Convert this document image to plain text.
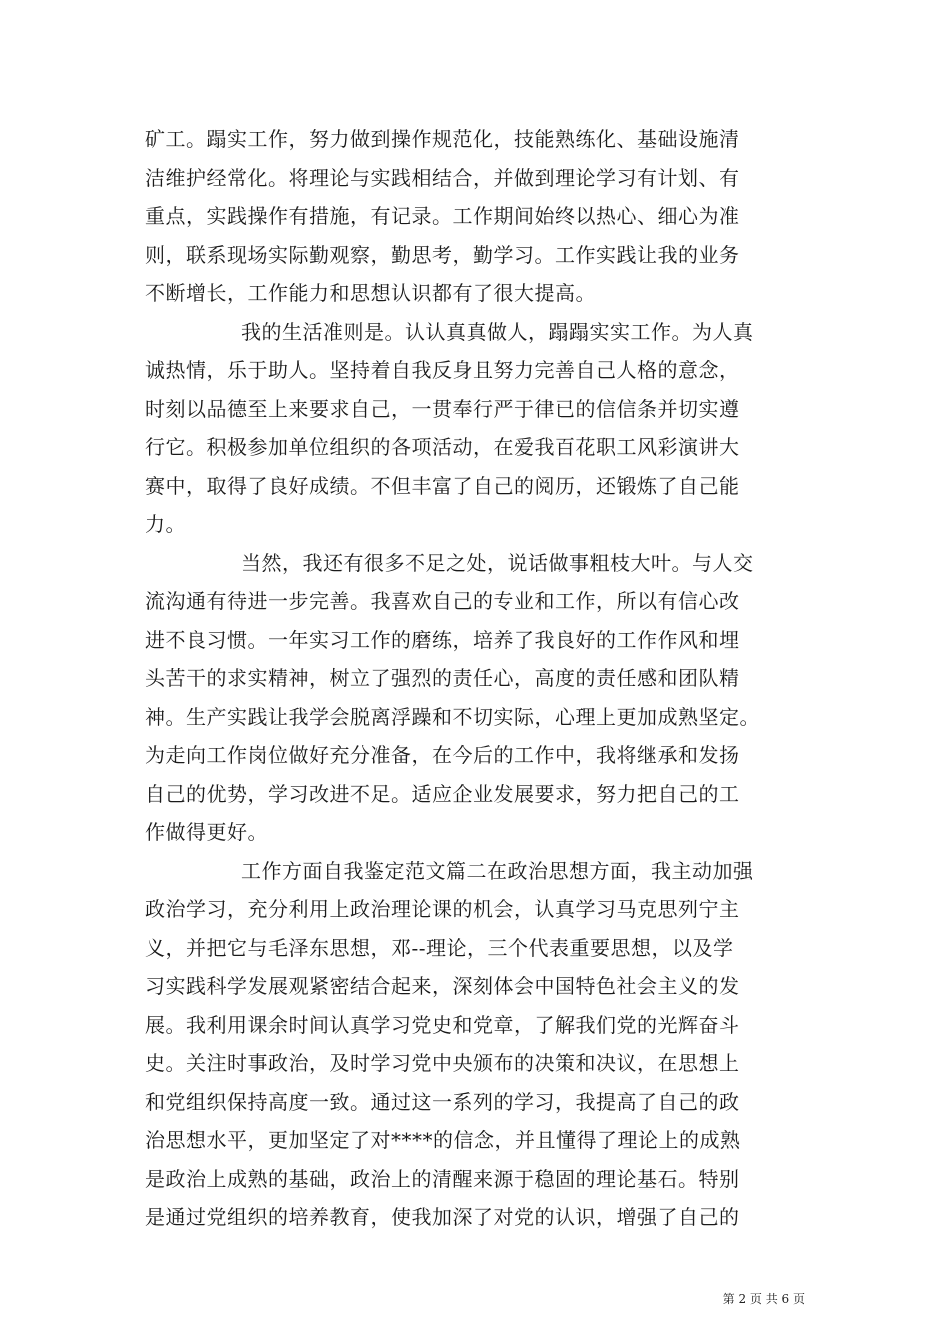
矿工。蹋实工作，努力做到操作规范化，技能熟练化、基础设施清
洁维护经常化。将理论与实践相结合，并做到理论学习有计划、有
重点，实践操作有措施，有记录。工作期间始终以热心、细心为准
则，联系现场实际勤观察，勤思考，勤学习。工作实践让我的业务
不断增长，工作能力和思想认识都有了很大提高。
我的生活准则是。认认真真做人，蹋蹋实实工作。为人真
诚热情，乐于助人。坚持着自我反身且努力完善自己人格的意念，
时刻以品德至上来要求自己，一贯奉行严于律已的信信条并切实遵
行它。积极参加单位组织的各项活动，在爱我百花职工风彩演讲大
赛中，取得了良好成绩。不但丰富了自己的阅历，还锻炼了自己能
力。
当然，我还有很多不足之处，说话做事粗枝大叶。与人交
流沟通有待进一步完善。我喜欢自己的专业和工作，所以有信心改
进不良习惯。一年实习工作的磨练，培养了我良好的工作作风和埋
头苦干的求实精神，树立了强烈的责任心，高度的责任感和团队精
神。生产实践让我学会脱离浮躁和不切实际，心理上更加成熟坚定。
为走向工作岗位做好充分准备，在今后的工作中，我将继承和发扬
自己的优势，学习改进不足。适应企业发展要求，努力把自己的工
作做得更好。
工作方面自我鉴定范文篇二在政治思想方面，我主动加强
政治学习，充分利用上政治理论课的机会，认真学习马克思列宁主
义，并把它与毛泽东思想，邓--理论，三个代表重要思想，以及学
习实践科学发展观紧密结合起来，深刻体会中国特色社会主义的发
展。我利用课余时间认真学习党史和党章，了解我们党的光辉奋斗
史。关注时事政治，及时学习党中央颁布的决策和决议，在思想上
和党组织保持高度一致。通过这一系列的学习，我提高了自己的政
治思想水平，更加坚定了对****的信念，并且懂得了理论上的成熟
是政治上成熟的基础，政治上的清醒来源于稳固的理论基石。特别
是通过党组织的培养教育，使我加深了对党的认识，增强了自己的
第 2 页 共 6 页
